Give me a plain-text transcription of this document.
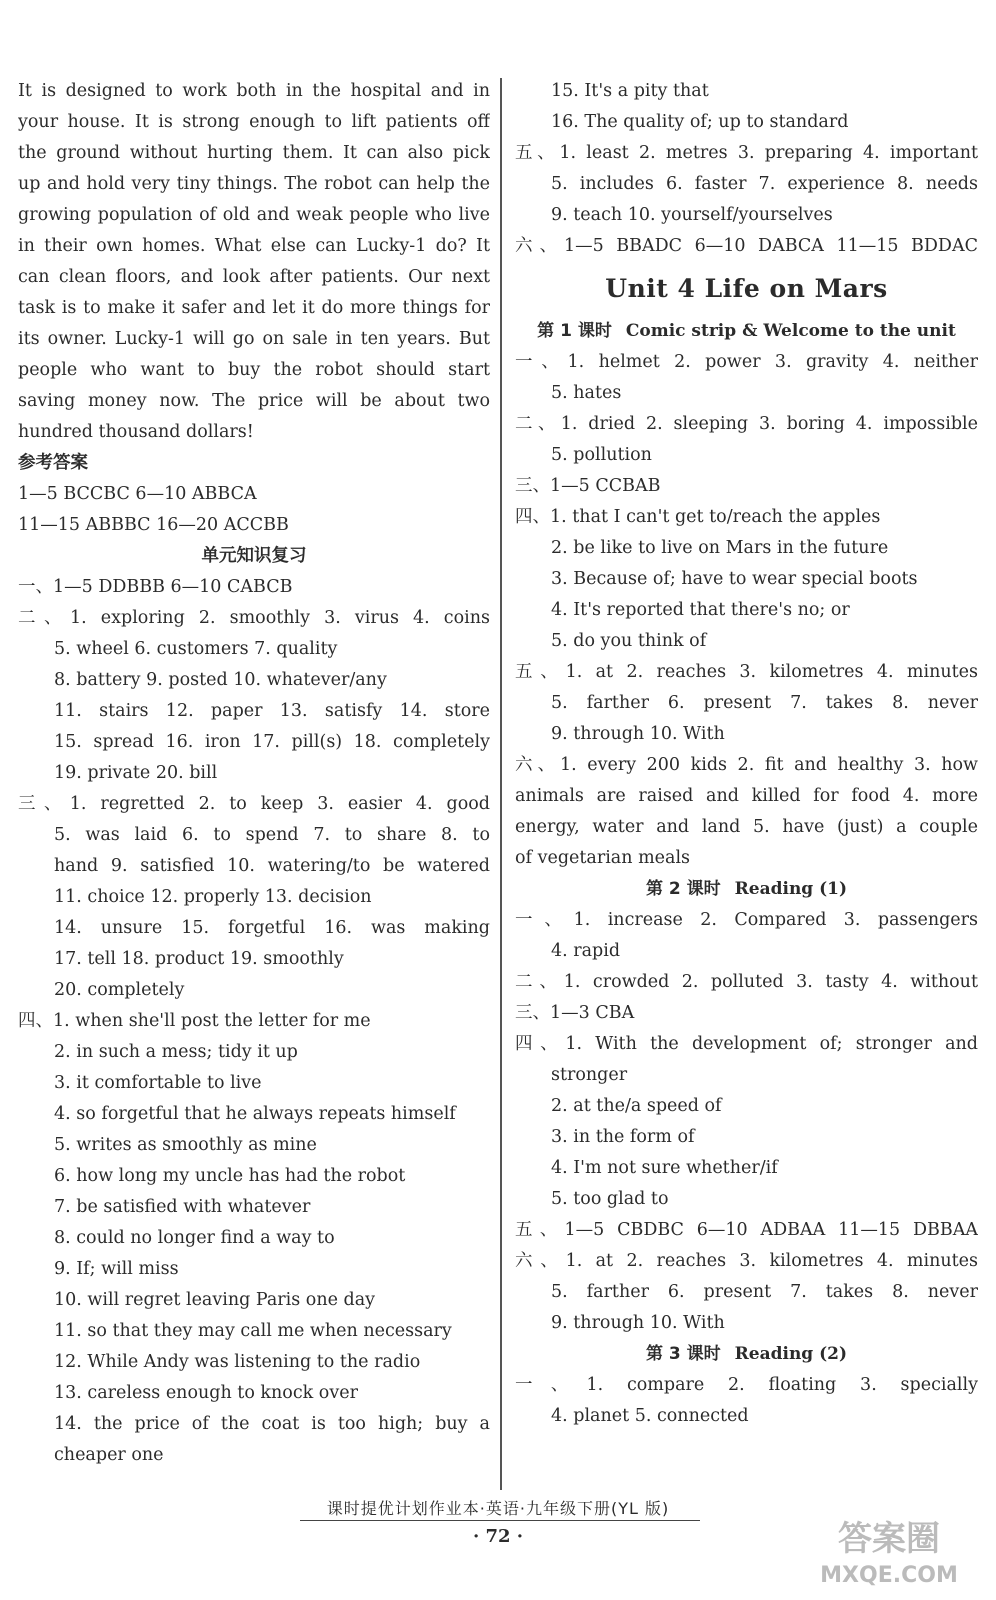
It is designed to work both in the hospital and in
your house. It is strong enough to lift patients off
the ground without hurting them. It can also pick
up and hold very tiny things. The robot can help the
growing population of old and weak people who live
in their own homes. What else can Lucky-1 do? It
can clean floors, and look after patients. Our next
task is to make it safer and let it do more things for
its owner. Lucky-1 will go on sale in ten years. But
people who want to buy the robot should start
saving money now. The price will be about two
hundred thousand dollars!
参考答案
1—5 BCCBC 6—10 ABBCA
11—15 ABBBC 16—20 ACCBB
单元知识复习
一、1—5 DDBBB 6—10 CABCB
二、1. exploring 2. smoothly 3. virus 4. coins
5. wheel 6. customers 7. quality
8. battery 9. posted 10. whatever/any
11. stairs 12. paper 13. satisfy 14. store
15. spread 16. iron 17. pill(s) 18. completely
19. private 20. bill
三、1. regretted 2. to keep 3. easier 4. good
5. was laid 6. to spend 7. to share 8. to
hand 9. satisfied 10. watering/to be watered
11. choice 12. properly 13. decision
14. unsure 15. forgetful 16. was making
17. tell 18. product 19. smoothly
20. completely
四、1. when she'll post the letter for me
2. in such a mess; tidy it up
3. it comfortable to live
4. so forgetful that he always repeats himself
5. writes as smoothly as mine
6. how long my uncle has had the robot
7. be satisfied with whatever
8. could no longer find a way to
9. If; will miss
10. will regret leaving Paris one day
11. so that they may call me when necessary
12. While Andy was listening to the radio
13. careless enough to knock over
14. the price of the coat is too high; buy a
cheaper one
15. It's a pity that
16. The quality of; up to standard
五、1. least 2. metres 3. preparing 4. important
5. includes 6. faster 7. experience 8. needs
9. teach 10. yourself/yourselves
六、1—5 BBADC 6—10 DABCA 11—15 BDDAC
Unit 4 Life on Mars
第 1 课时 Comic strip & Welcome to the unit
一、1. helmet 2. power 3. gravity 4. neither
5. hates
二、1. dried 2. sleeping 3. boring 4. impossible
5. pollution
三、1—5 CCBAB
四、1. that I can't get to/reach the apples
2. be like to live on Mars in the future
3. Because of; have to wear special boots
4. It's reported that there's no; or
5. do you think of
五、1. at 2. reaches 3. kilometres 4. minutes
5. farther 6. present 7. takes 8. never
9. through 10. With
六、1. every 200 kids 2. fit and healthy 3. how
animals are raised and killed for food 4. more
energy, water and land 5. have (just) a couple
of vegetarian meals
第 2 课时 Reading (1)
一、1. increase 2. Compared 3. passengers
4. rapid
二、1. crowded 2. polluted 3. tasty 4. without
三、1—3 CBA
四、1. With the development of; stronger and
stronger
2. at the/a speed of
3. in the form of
4. I'm not sure whether/if
5. too glad to
五、1—5 CBDBC 6—10 ADBAA 11—15 DBBAA
六、1. at 2. reaches 3. kilometres 4. minutes
5. farther 6. present 7. takes 8. never
9. through 10. With
第 3 课时 Reading (2)
一、1. compare 2. floating 3. specially
4. planet 5. connected
课时提优计划作业本·英语·九年级下册(YL 版)
· 72 ·	答案圈
MXQE.COM
